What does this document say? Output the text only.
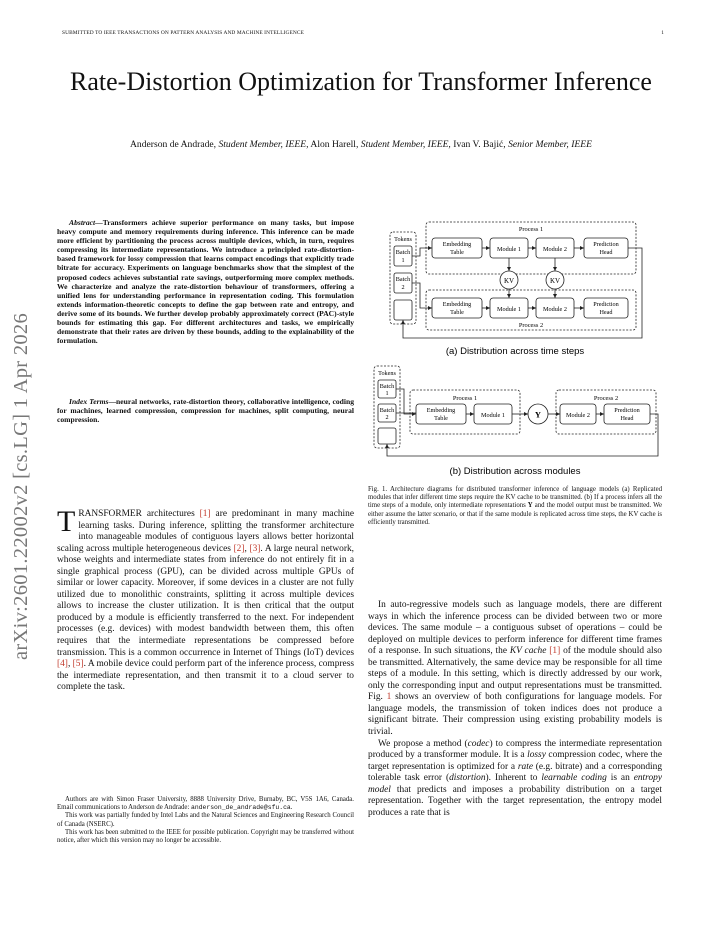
SUBMITTED TO IEEE TRANSACTIONS ON PATTERN ANALYSIS AND MACHINE INTELLIGENCE	1
Rate-Distortion Optimization for Transformer Inference
Anderson de Andrade, Student Member, IEEE, Alon Harell, Student Member, IEEE, Ivan V. Bajić, Senior Member, IEEE
arXiv:2601.22002v2 [cs.LG] 1 Apr 2026
Abstract—Transformers achieve superior performance on many tasks, but impose heavy compute and memory requirements during inference. This inference can be made more efficient by partitioning the process across multiple devices, which, in turn, requires compressing its intermediate representations. We introduce a principled rate-distortion-based framework for lossy compression that learns compact encodings that explicitly trade bitrate for accuracy. Experiments on language benchmarks show that the simplest of the proposed codecs achieves substantial rate savings, outperforming more complex methods. We characterize and analyze the rate-distortion behaviour of transformers, offering a unified lens for understanding performance in representation coding. This formulation extends information-theoretic concepts to define the gap between rate and entropy, and derive some of its bounds. We further develop probably approximately correct (PAC)-style bounds for estimating this gap. For different architectures and tasks, we empirically demonstrate that their rates are driven by these bounds, adding to the explainability of the formulation.
Index Terms—neural networks, rate-distortion theory, collaborative intelligence, coding for machines, learned compression, compression for machines, split computing, neural compression.
TRANSFORMER architectures [1] are predominant in many machine learning tasks. During inference, splitting the transformer architecture into manageable modules of contiguous layers allows better horizontal scaling across multiple heterogeneous devices [2], [3]. A large neural network, whose weights and intermediate states from inference do not entirely fit in a single graphical process (GPU), can be divided across multiple GPUs of similar or lower capacity. Moreover, if some devices in a cluster are not fully utilized due to monolithic constraints, splitting it across multiple devices allows to increase the cluster utilization. It is then critical that the output produced by a module is efficiently transferred to the next. For independent processes (e.g. devices) with modest bandwidth between them, this often requires that the intermediate representations be compressed before transmission. This is a common occurrence in Internet of Things (IoT) devices [4], [5]. A mobile device could perform part of the inference process, compress the intermediate representation, and then transmit it to a cloud server to complete the task.

Authors are with Simon Fraser University, 8888 University Drive, Burnaby, BC, V5S 1A6, Canada. Email communications to Anderson de Andrade: anderson_de_andrade@sfu.ca.

This work was partially funded by Intel Labs and the Natural Sciences and Engineering Research Council of Canada (NSERC).

This work has been submitted to the IEEE for possible publication. Copyright may be transferred without notice, after which this version may no longer be accessible.

Tokens
Batch
1
Batch
2
Process 1
Embedding
Table	Module 1	Module 2
Prediction
Head
KV	KV
Process 2
Embedding
Table	Module 1	Module 2
Prediction
Head
(a) Distribution across time steps
Tokens
Batch
1
Batch
2
Process 1
Embedding
Table	Module 1	Y
Process 2
Module 2
Prediction
Head
(b) Distribution across modules
Fig. 1. Architecture diagrams for distributed transformer inference of language models (a) Replicated modules that infer different time steps require the KV cache to be transmitted. (b) If a process infers all the time steps of a module, only intermediate representations Y and the model output must be transmitted. We either assume the latter scenario, or that if the same module is replicated across time steps, the KV cache is efficiently transmitted.

In auto-regressive models such as language models, there are different ways in which the inference process can be divided between two or more devices. The same module – a contiguous subset of operations – could be deployed on multiple devices to perform inference for different time frames of a response. In such situations, the KV cache [1] of the module should also be transmitted. Alternatively, the same device may be responsible for all time steps of a module. In this setting, which is directly addressed by our work, only the corresponding input and output representations must be transmitted. Fig. 1 shows an overview of both configurations for language models. For language models, the transmission of token indices does not produce a significant bitrate. Their compression using existing probability models is trivial.

We propose a method (codec) to compress the intermediate representation produced by a transformer module. It is a lossy compression codec, where the target representation is optimized for a rate (e.g. bitrate) and a corresponding tolerable task error (distortion). Inherent to learnable coding is an entropy model that predicts and imposes a probability distribution on a target representation. Together with the target representation, the entropy model produces a rate that is
